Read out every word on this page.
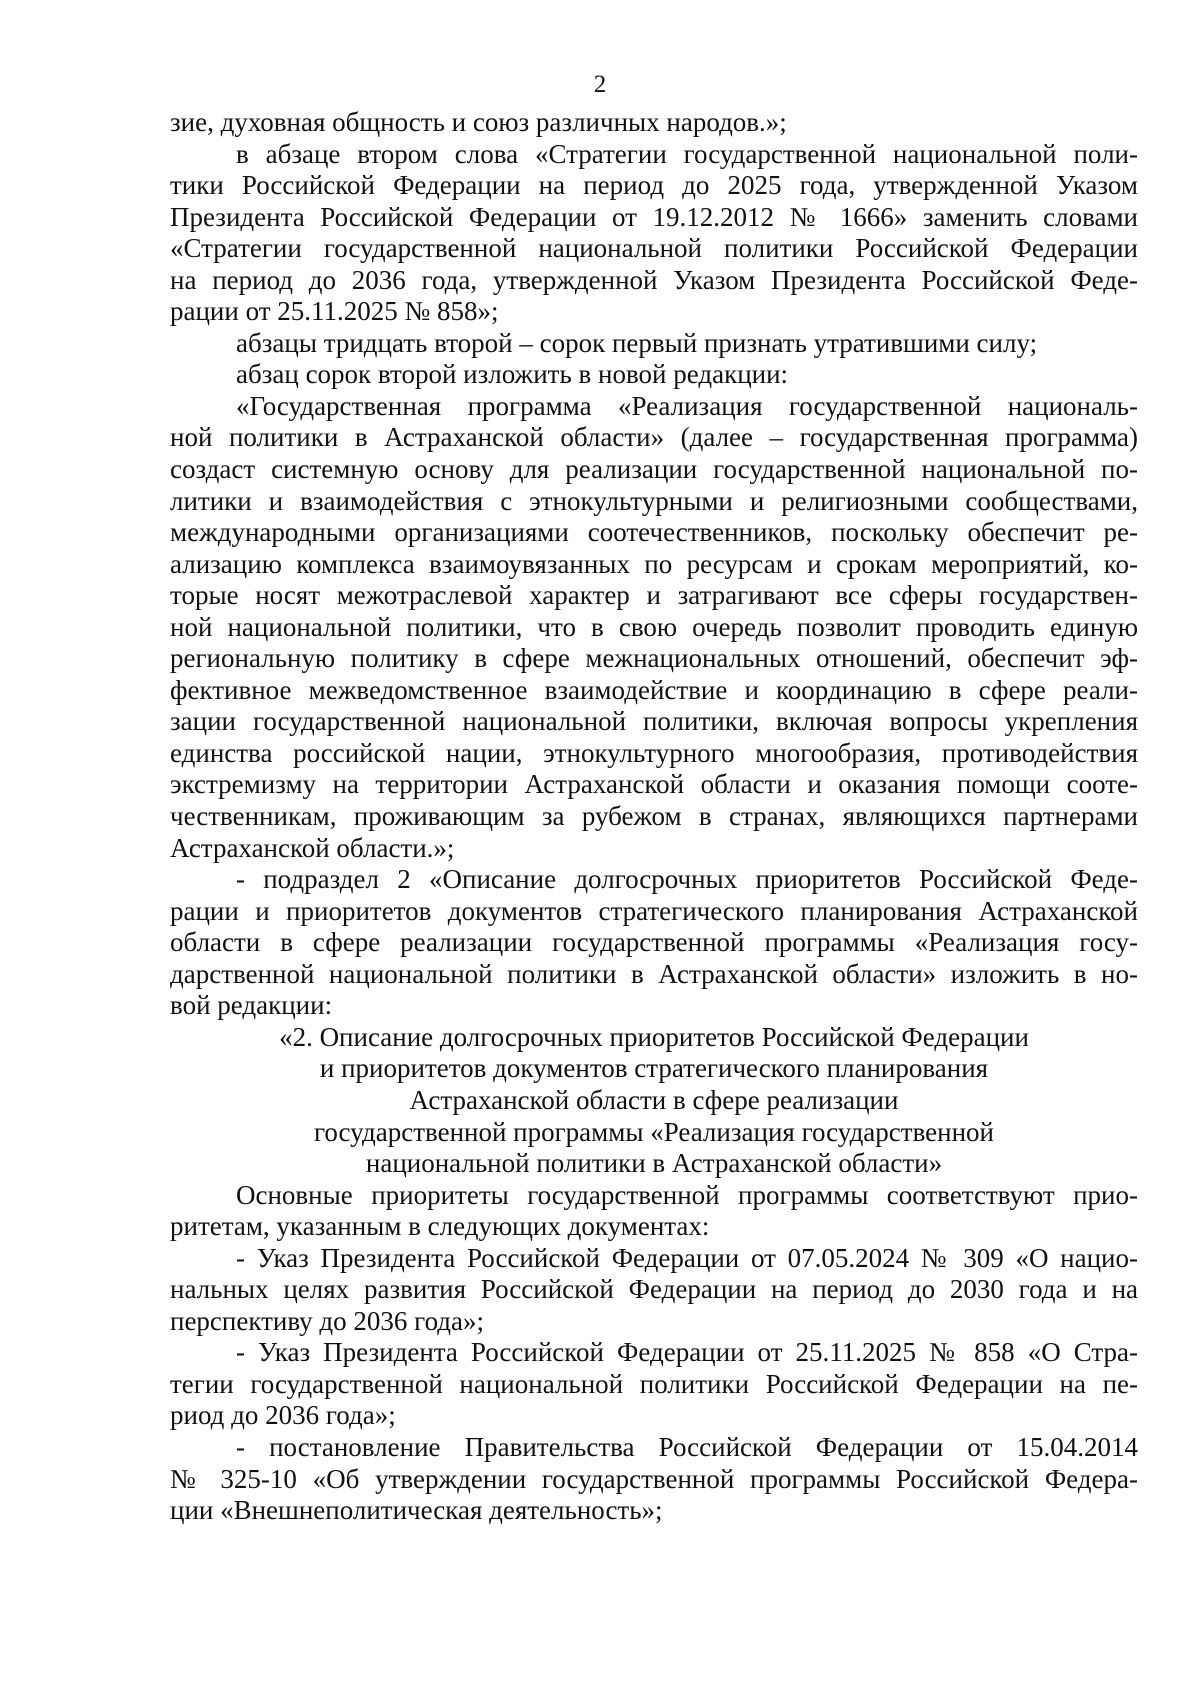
2
зие, духовная общность и союз различных народов.»;
в абзаце втором слова «Стратегии государственной национальной поли-
тики Российской Федерации на период до 2025 года, утвержденной Указом
Президента Российской Федерации от 19.12.2012 № 1666» заменить словами
«Стратегии государственной национальной политики Российской Федерации
на период до 2036 года, утвержденной Указом Президента Российской Феде-
рации от 25.11.2025 № 858»;
абзацы тридцать второй – сорок первый признать утратившими силу;
абзац сорок второй изложить в новой редакции:
«Государственная программа «Реализация государственной националь-
ной политики в Астраханской области» (далее – государственная программа)
создаст системную основу для реализации государственной национальной по-
литики и взаимодействия с этнокультурными и религиозными сообществами,
международными организациями соотечественников, поскольку обеспечит ре-
ализацию комплекса взаимоувязанных по ресурсам и срокам мероприятий, ко-
торые носят межотраслевой характер и затрагивают все сферы государствен-
ной национальной политики, что в свою очередь позволит проводить единую
региональную политику в сфере межнациональных отношений, обеспечит эф-
фективное межведомственное взаимодействие и координацию в сфере реали-
зации государственной национальной политики, включая вопросы укрепления
единства российской нации, этнокультурного многообразия, противодействия
экстремизму на территории Астраханской области и оказания помощи соотe-
чественникам, проживающим за рубежом в странах, являющихся партнерами
Астраханской области.»;
- подраздел 2 «Описание долгосрочных приоритетов Российской Феде-
рации и приоритетов документов стратегического планирования Астраханской
области в сфере реализации государственной программы «Реализация госу-
дарственной национальной политики в Астраханской области» изложить в но-
вой редакции:
«2. Описание долгосрочных приоритетов Российской Федерации
и приоритетов документов стратегического планирования
Астраханской области в сфере реализации
государственной программы «Реализация государственной
национальной политики в Астраханской области»
Основные приоритеты государственной программы соответствуют прио-
ритетам, указанным в следующих документах:
- Указ Президента Российской Федерации от 07.05.2024 № 309 «О нацио-
нальных целях развития Российской Федерации на период до 2030 года и на
перспективу до 2036 года»;
- Указ Президента Российской Федерации от 25.11.2025 № 858 «О Стра-
тегии государственной национальной политики Российской Федерации на пе-
риод до 2036 года»;
- постановление Правительства Российской Федерации от 15.04.2014
№ 325-10 «Об утверждении государственной программы Российской Федера-
ции «Внешнеполитическая деятельность»;
